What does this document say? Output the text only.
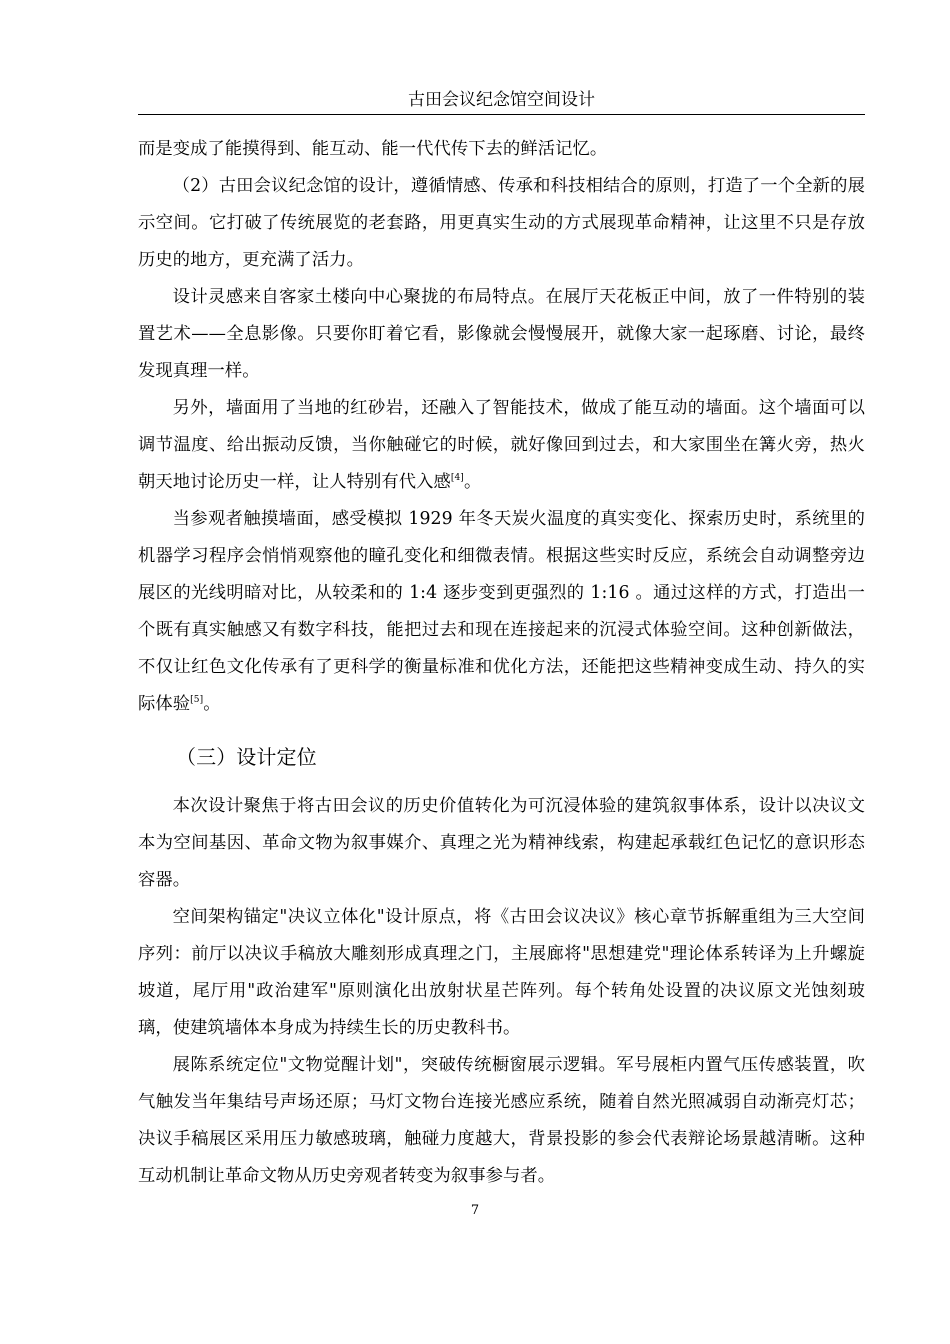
古田会议纪念馆空间设计

而是变成了能摸得到、能互动、能一代代传下去的鲜活记忆。

（2）古田会议纪念馆的设计，遵循情感、传承和科技相结合的原则，打造了一个全新的展示空间。它打破了传统展览的老套路，用更真实生动的方式展现革命精神，让这里不只是存放历史的地方，更充满了活力。

设计灵感来自客家土楼向中心聚拢的布局特点。在展厅天花板正中间，放了一件特别的装置艺术——全息影像。只要你盯着它看，影像就会慢慢展开，就像大家一起琢磨、讨论，最终发现真理一样。

另外，墙面用了当地的红砂岩，还融入了智能技术，做成了能互动的墙面。这个墙面可以调节温度、给出振动反馈，当你触碰它的时候，就好像回到过去，和大家围坐在篝火旁，热火朝天地讨论历史一样，让人特别有代入感[4]。

当参观者触摸墙面，感受模拟 1929 年冬天炭火温度的真实变化、探索历史时，系统里的机器学习程序会悄悄观察他的瞳孔变化和细微表情。根据这些实时反应，系统会自动调整旁边展区的光线明暗对比，从较柔和的 1:4 逐步变到更强烈的 1:16 。通过这样的方式，打造出一个既有真实触感又有数字科技，能把过去和现在连接起来的沉浸式体验空间。这种创新做法，不仅让红色文化传承有了更科学的衡量标准和优化方法，还能把这些精神变成生动、持久的实际体验[5]。

（三）设计定位

本次设计聚焦于将古田会议的历史价值转化为可沉浸体验的建筑叙事体系，设计以决议文本为空间基因、革命文物为叙事媒介、真理之光为精神线索，构建起承载红色记忆的意识形态容器。

空间架构锚定"决议立体化"设计原点，将《古田会议决议》核心章节拆解重组为三大空间序列：前厅以决议手稿放大雕刻形成真理之门，主展廊将"思想建党"理论体系转译为上升螺旋坡道，尾厅用"政治建军"原则演化出放射状星芒阵列。每个转角处设置的决议原文光蚀刻玻璃，使建筑墙体本身成为持续生长的历史教科书。

展陈系统定位"文物觉醒计划"，突破传统橱窗展示逻辑。军号展柜内置气压传感装置，吹气触发当年集结号声场还原；马灯文物台连接光感应系统，随着自然光照减弱自动渐亮灯芯；决议手稿展区采用压力敏感玻璃，触碰力度越大，背景投影的参会代表辩论场景越清晰。这种互动机制让革命文物从历史旁观者转变为叙事参与者。

7
